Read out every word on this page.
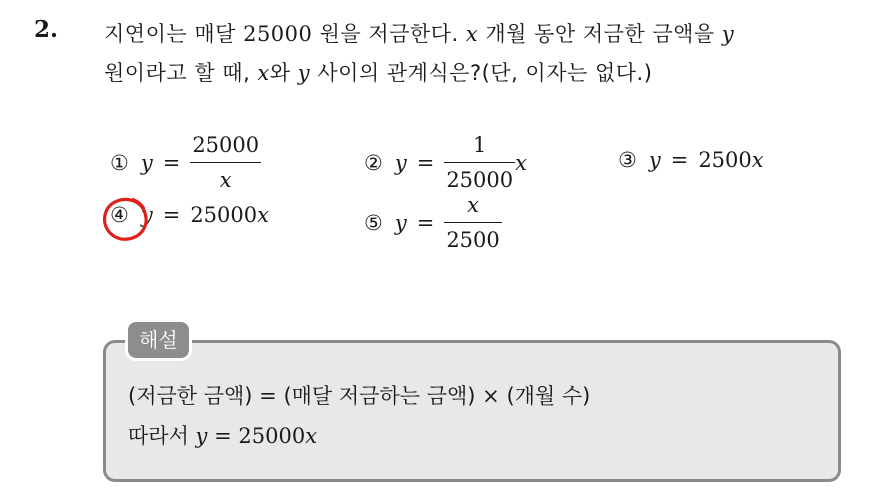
2. 지연이는 매달 25000 원을 저금한다. x 개월 동안 저금한 금액을 y
원이라고 할 때, x와 y 사이의 관계식은?(단, 이자는 없다.)
① $y = \frac{25000}{x}$	② $y = \frac{1}{25000}$ x	③ y = 2500 x
④ y = 25000 x	⑤ $y = \frac{x}{2500}$
해설
(저금한 금액) = (매달 저금하는 금액) × (개월 수)
따라서 y = 25000x
